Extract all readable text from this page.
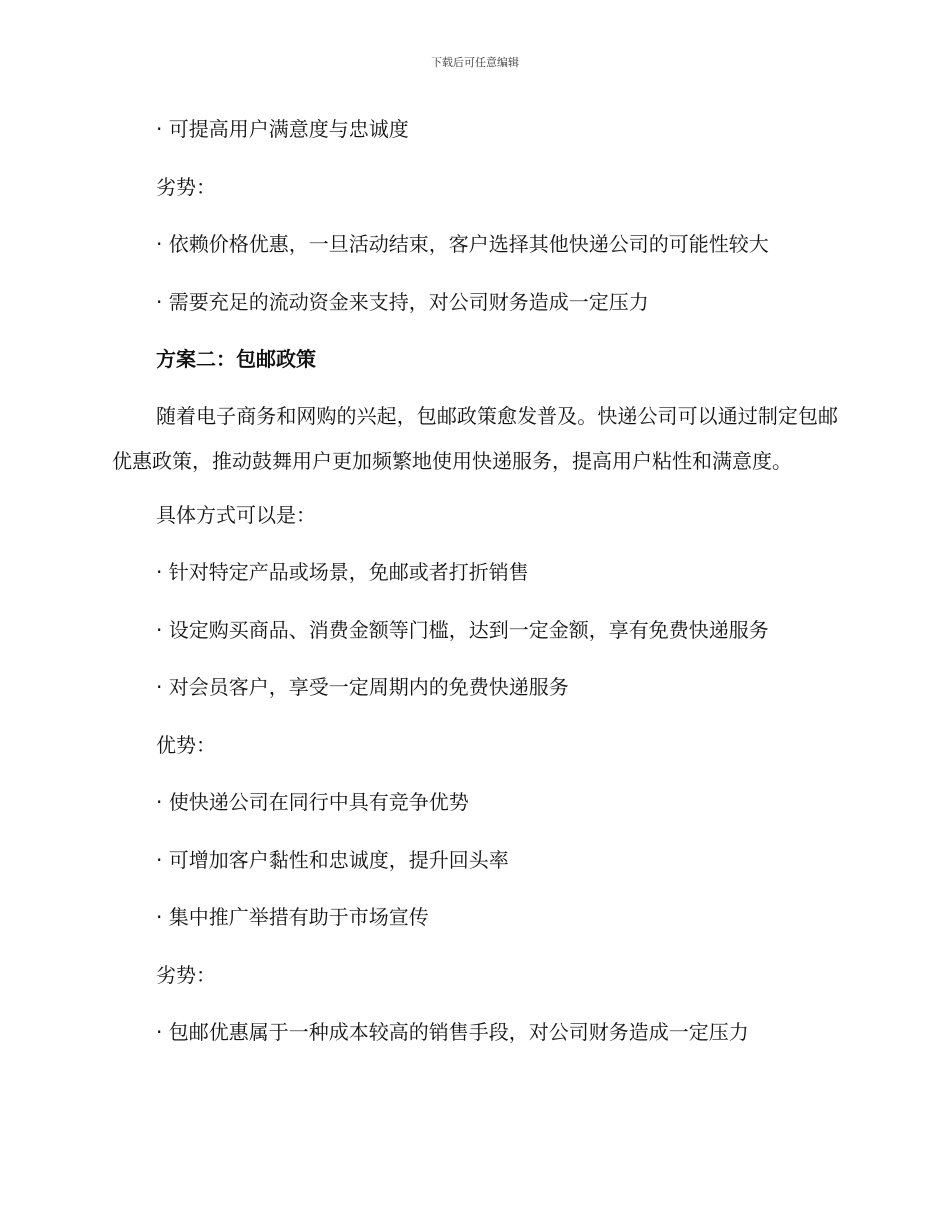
下载后可任意编辑
· 可提高用户满意度与忠诚度
劣势：
· 依赖价格优惠，一旦活动结束，客户选择其他快递公司的可能性较大
· 需要充足的流动资金来支持，对公司财务造成一定压力
方案二：包邮政策
随着电子商务和网购的兴起，包邮政策愈发普及。快递公司可以通过制定包邮优惠政策，推动鼓舞用户更加频繁地使用快递服务，提高用户粘性和满意度。
具体方式可以是：
· 针对特定产品或场景，免邮或者打折销售
· 设定购买商品、消费金额等门槛，达到一定金额，享有免费快递服务
· 对会员客户，享受一定周期内的免费快递服务
优势：
· 使快递公司在同行中具有竞争优势
· 可增加客户黏性和忠诚度，提升回头率
· 集中推广举措有助于市场宣传
劣势：
· 包邮优惠属于一种成本较高的销售手段，对公司财务造成一定压力
